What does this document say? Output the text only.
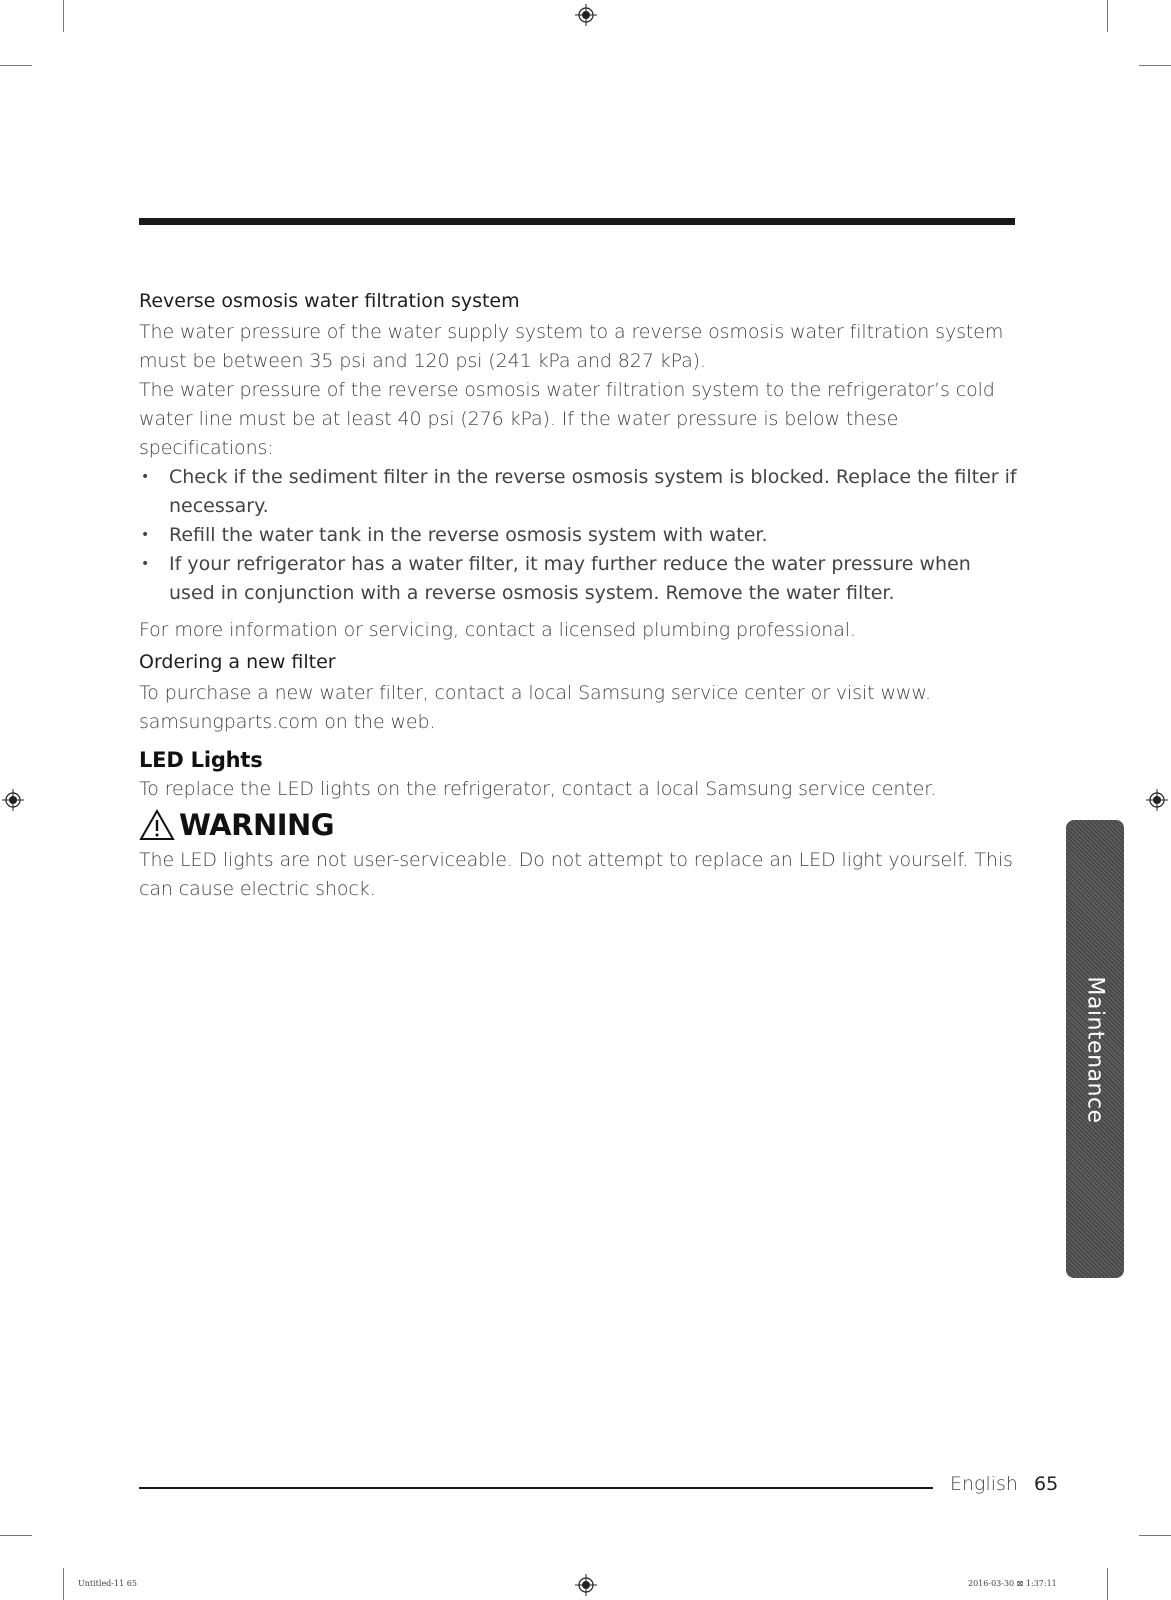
Reverse osmosis water filtration system

The water pressure of the water supply system to a reverse osmosis water filtration system must be between 35 psi and 120 psi (241 kPa and 827 kPa).

The water pressure of the reverse osmosis water filtration system to the refrigerator’s cold water line must be at least 40 psi (276 kPa). If the water pressure is below these specifications:

• Check if the sediment filter in the reverse osmosis system is blocked. Replace the filter if necessary.
• Refill the water tank in the reverse osmosis system with water.
• If your refrigerator has a water filter, it may further reduce the water pressure when used in conjunction with a reverse osmosis system. Remove the water filter.

For more information or servicing, contact a licensed plumbing professional.

Ordering a new filter

To purchase a new water filter, contact a local Samsung service center or visit www. samsungparts.com on the web.

LED Lights

To replace the LED lights on the refrigerator, contact a local Samsung service center.

WARNING

The LED lights are not user-serviceable. Do not attempt to replace an LED light yourself. This can cause electric shock.

Maintenance
English 65
Untitled-11 65	2016-03-30 ⊠ 1:37:11
